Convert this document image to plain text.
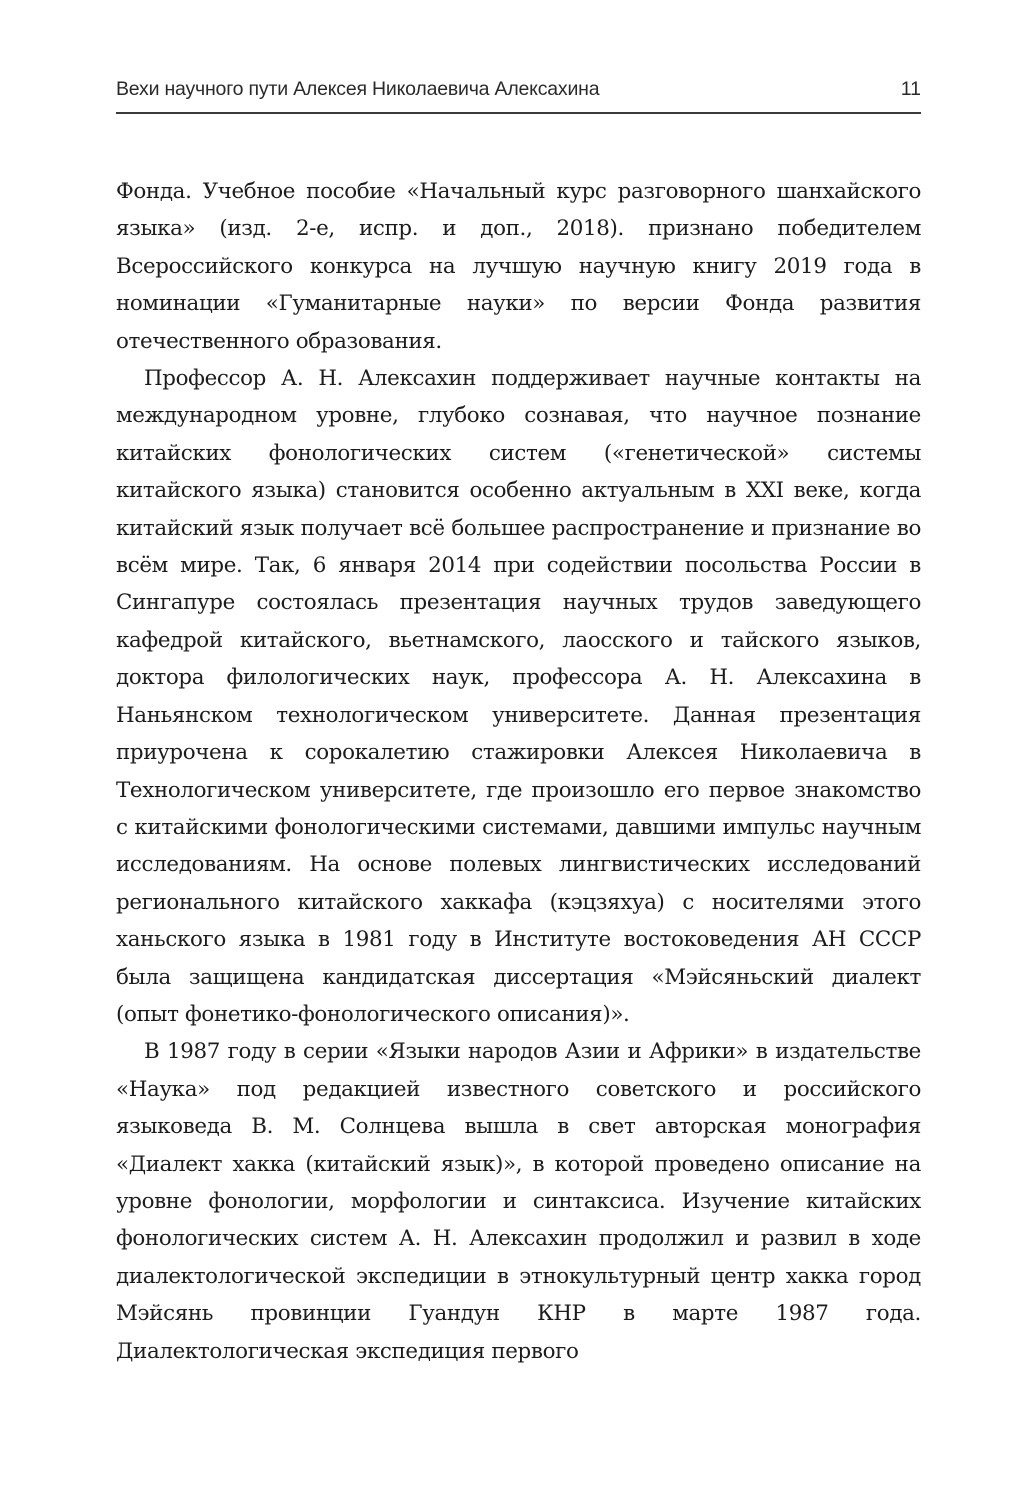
Вехи научного пути Алексея Николаевича Алексахина	11

Фонда. Учебное пособие «Начальный курс разговорного шанхайского языка» (изд. 2-е, испр. и доп., 2018). признано победителем Всероссийского конкурса на лучшую научную книгу 2019 года в номинации «Гуманитарные науки» по версии Фонда развития отечественного образования.

Профессор А. Н. Алексахин поддерживает научные контакты на международном уровне, глубоко сознавая, что научное познание китайских фонологических систем («генетической» системы китайского языка) становится особенно актуальным в XXI веке, когда китайский язык получает всё большее распространение и признание во всём мире. Так, 6 января 2014 при содействии посольства России в Сингапуре состоялась презентация научных трудов заведующего кафедрой китайского, вьетнамского, лаосского и тайского языков, доктора филологических наук, профессора А. Н. Алексахина в Наньянском технологическом университете. Данная презентация приурочена к сорокалетию стажировки Алексея Николаевича в Технологическом университете, где произошло его первое знакомство с китайскими фонологическими системами, давшими импульс научным исследованиям. На основе полевых лингвистических исследований регионального китайского хаккафа (кэцзяхуа) с носителями этого ханьского языка в 1981 году в Институте востоковедения АН СССР была защищена кандидатская диссертация «Мэйсяньский диалект (опыт фонетико-фонологического описания)».

В 1987 году в серии «Языки народов Азии и Африки» в издательстве «Наука» под редакцией известного советского и российского языковеда В. М. Солнцева вышла в свет авторская монография «Диалект хакка (китайский язык)», в которой проведено описание на уровне фонологии, морфологии и синтаксиса. Изучение китайских фонологических систем А. Н. Алексахин продолжил и развил в ходе диалектологической экспедиции в этнокультурный центр хакка город Мэйсянь провинции Гуандун КНР в марте 1987 года. Диалектологическая экспедиция первого
